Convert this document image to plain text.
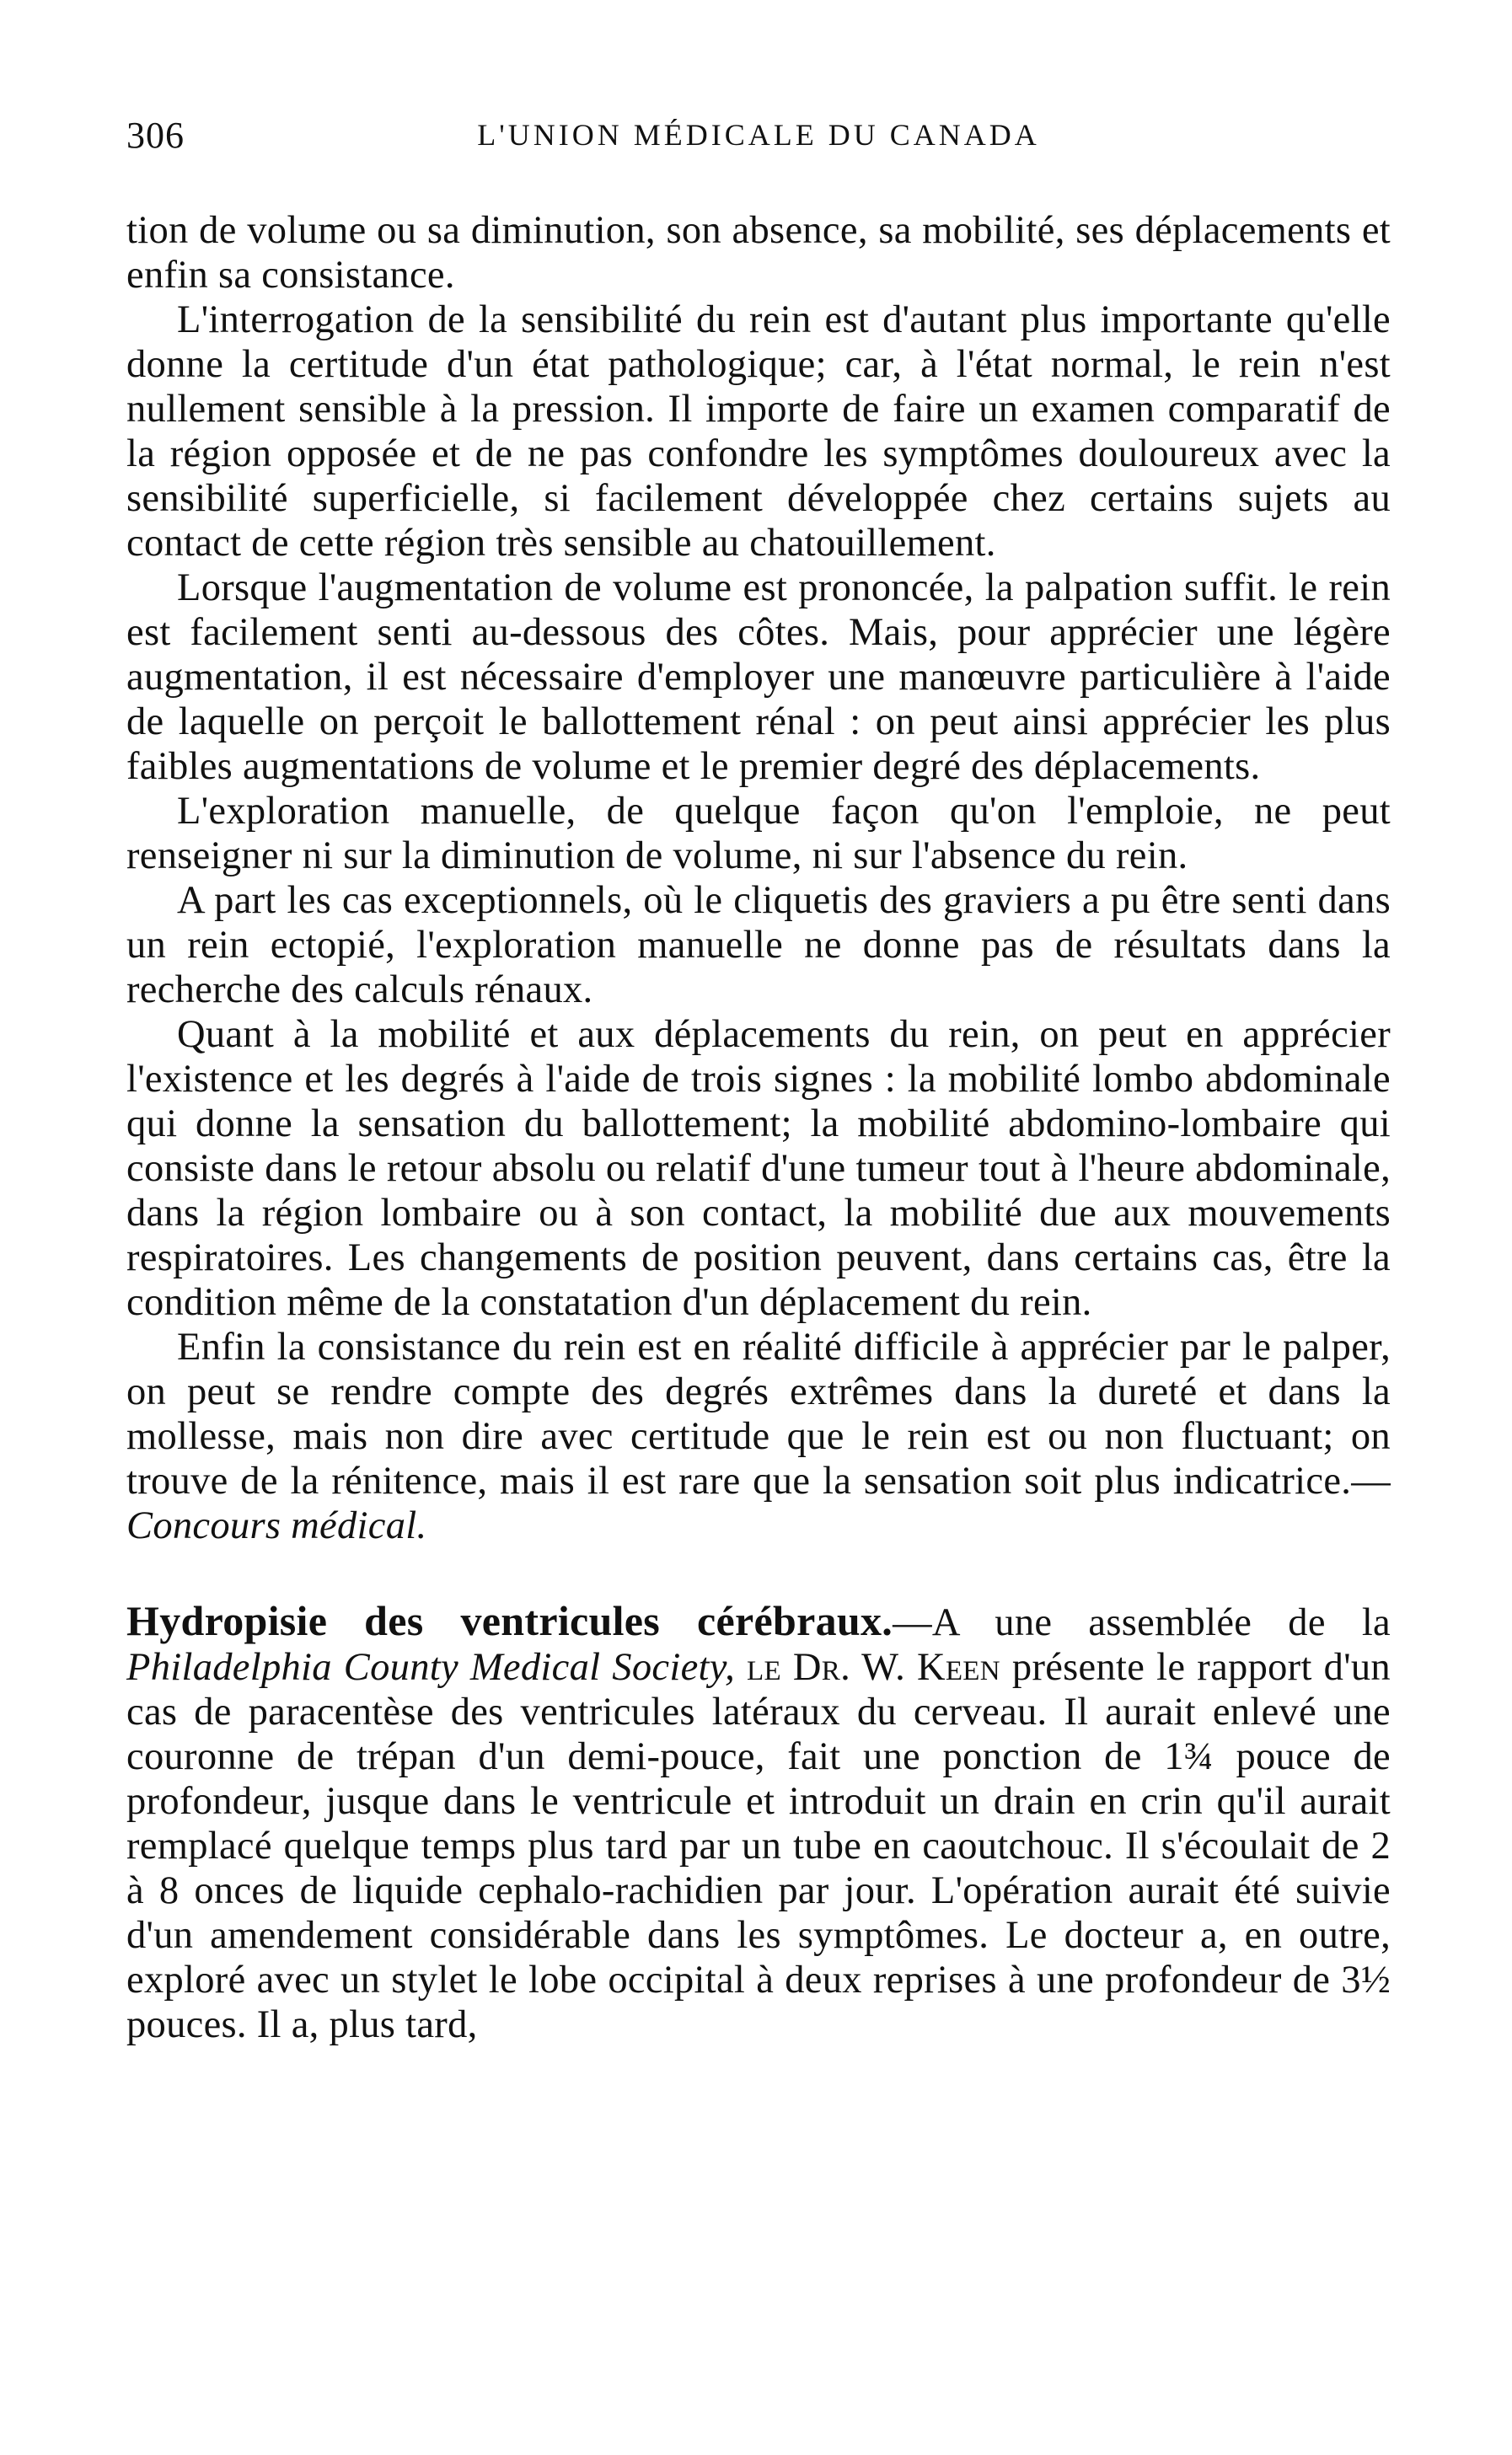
306	L'UNION MÉDICALE DU CANADA

tion de volume ou sa diminution, son absence, sa mobilité, ses déplacements et enfin sa consistance.

L'interrogation de la sensibilité du rein est d'autant plus importante qu'elle donne la certitude d'un état pathologique; car, à l'état normal, le rein n'est nullement sensible à la pression. Il importe de faire un examen comparatif de la région opposée et de ne pas confondre les symptômes douloureux avec la sensibilité superficielle, si facilement développée chez certains sujets au contact de cette région très sensible au chatouillement.

Lorsque l'augmentation de volume est prononcée, la palpation suffit. le rein est facilement senti au-dessous des côtes. Mais, pour apprécier une légère augmentation, il est nécessaire d'employer une manœuvre particulière à l'aide de laquelle on perçoit le ballottement rénal : on peut ainsi apprécier les plus faibles augmentations de volume et le premier degré des déplacements.

L'exploration manuelle, de quelque façon qu'on l'emploie, ne peut renseigner ni sur la diminution de volume, ni sur l'absence du rein.

A part les cas exceptionnels, où le cliquetis des graviers a pu être senti dans un rein ectopié, l'exploration manuelle ne donne pas de résultats dans la recherche des calculs rénaux.

Quant à la mobilité et aux déplacements du rein, on peut en apprécier l'existence et les degrés à l'aide de trois signes : la mobilité lombo abdominale qui donne la sensation du ballottement; la mobilité abdomino-lombaire qui consiste dans le retour absolu ou relatif d'une tumeur tout à l'heure abdominale, dans la région lombaire ou à son contact, la mobilité due aux mouvements respiratoires. Les changements de position peuvent, dans certains cas, être la condition même de la constatation d'un déplacement du rein.

Enfin la consistance du rein est en réalité difficile à apprécier par le palper, on peut se rendre compte des degrés extrêmes dans la dureté et dans la mollesse, mais non dire avec certitude que le rein est ou non fluctuant; on trouve de la rénitence, mais il est rare que la sensation soit plus indicatrice.—Concours médical.

Hydropisie des ventricules cérébraux.—A une assemblée de la Philadelphia County Medical Society, le Dr. W. Keen présente le rapport d'un cas de paracentèse des ventricules latéraux du cerveau. Il aurait enlevé une couronne de trépan d'un demi-pouce, fait une ponction de 1¾ pouce de profondeur, jusque dans le ventricule et introduit un drain en crin qu'il aurait remplacé quelque temps plus tard par un tube en caoutchouc. Il s'écoulait de 2 à 8 onces de liquide cephalo-rachidien par jour. L'opération aurait été suivie d'un amendement considérable dans les symptômes. Le docteur a, en outre, exploré avec un stylet le lobe occipital à deux reprises à une profondeur de 3½ pouces. Il a, plus tard,
